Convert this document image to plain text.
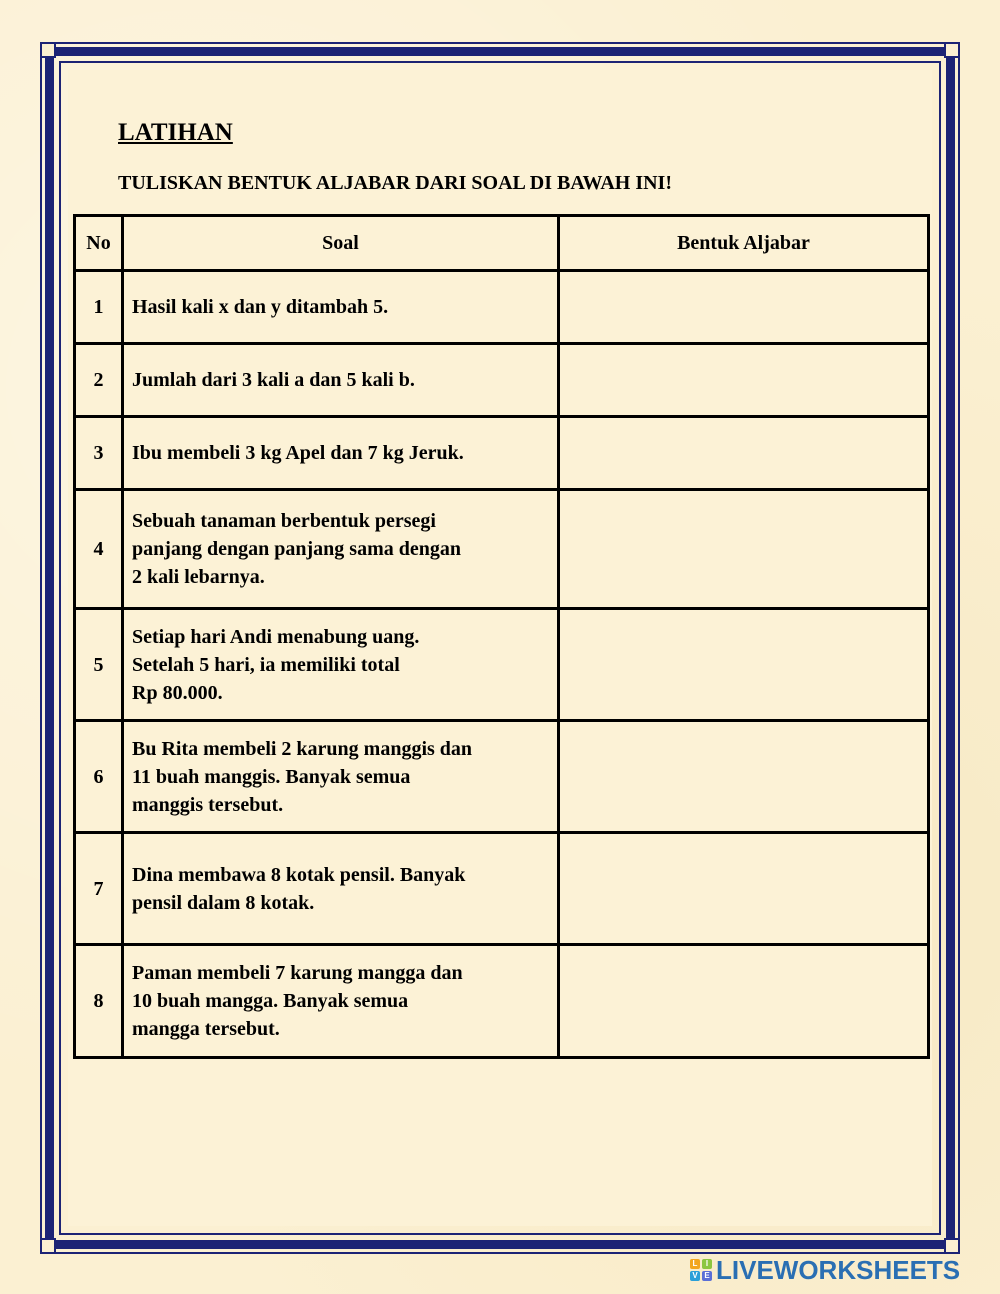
LATIHAN

TULISKAN BENTUK ALJABAR DARI SOAL DI BAWAH INI!

No	Soal	Bentuk Aljabar
1	Hasil kali x dan y ditambah 5.	

2	Jumlah dari 3 kali a dan 5 kali b.	

3	Ibu membeli 3 kg Apel dan 7 kg Jeruk.	

4	Sebuah tanaman berbentuk persegi
panjang dengan panjang sama dengan
2 kali lebarnya.	

5	Setiap hari Andi menabung uang.
Setelah 5 hari, ia memiliki total
Rp 80.000.	

6	Bu Rita membeli 2 karung manggis dan
11 buah manggis. Banyak semua
manggis tersebut.	

7	Dina membawa 8 kotak pensil. Banyak
pensil dalam 8 kotak.	

8	Paman membeli 7 karung mangga dan
10 buah mangga. Banyak semua
mangga tersebut.	
L	I
V E LIVEWORKSHEETS
